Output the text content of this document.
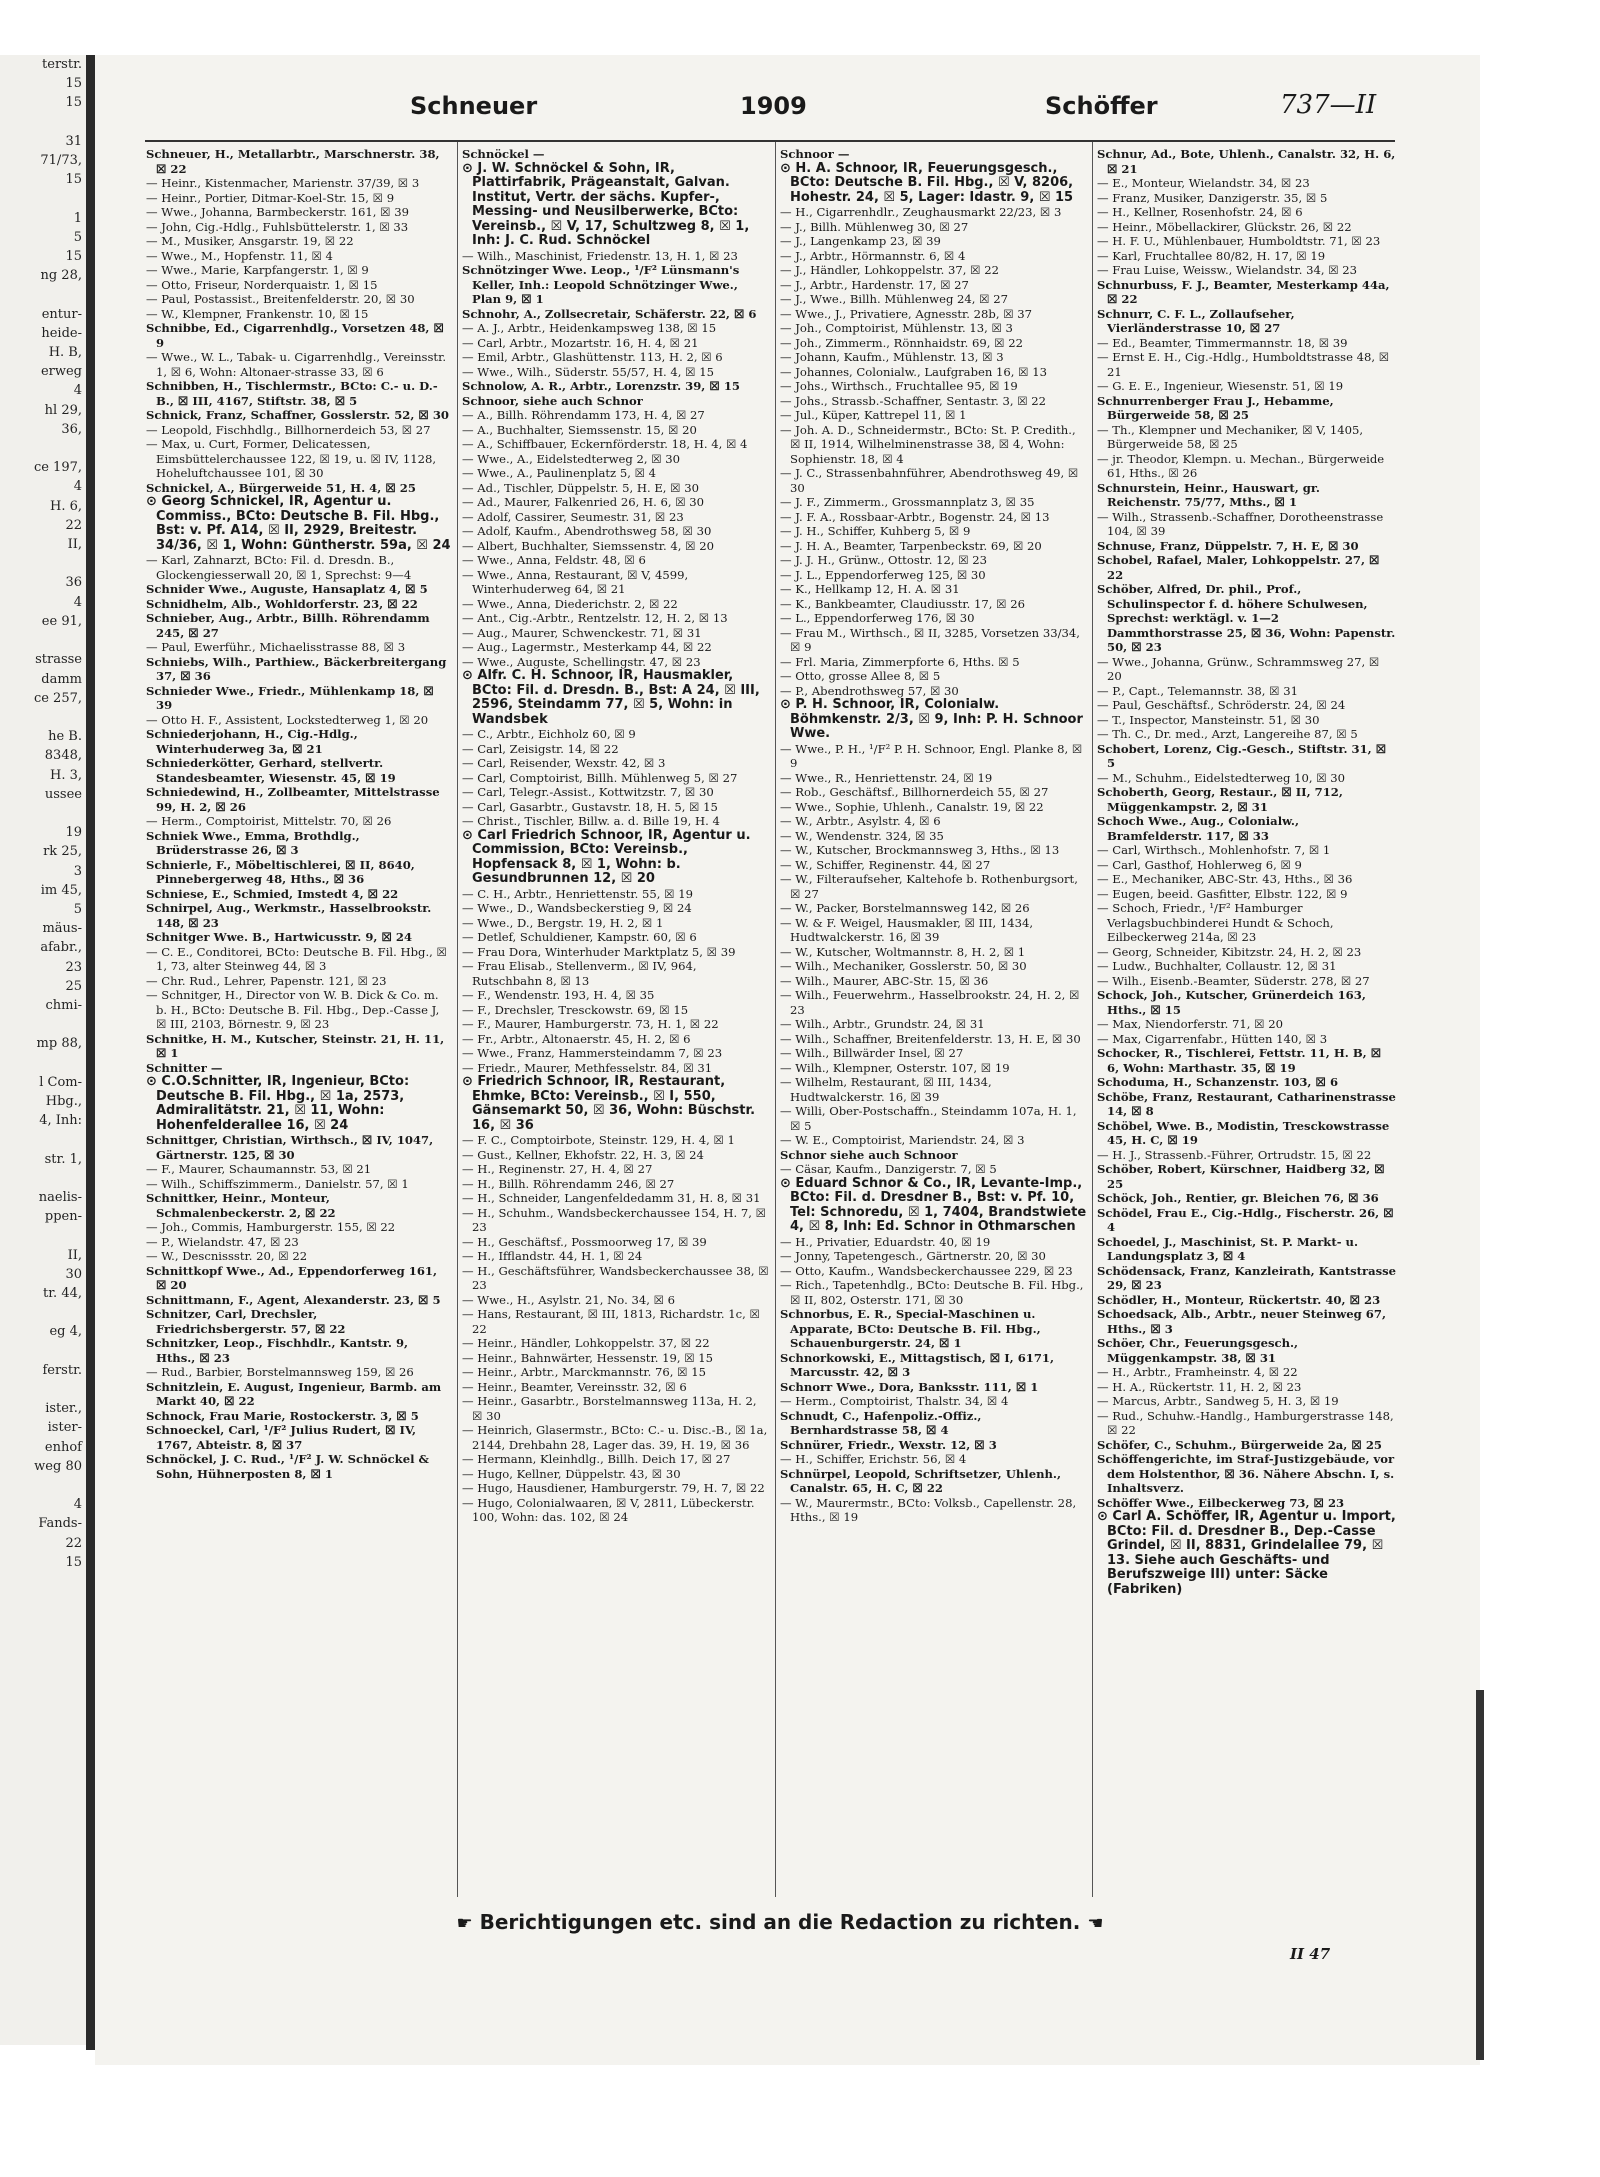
terstr.
15
15

31
71/73,
15

1
5
15
ng 28,

entur-
heide-
H. B,
erweg
4
hl 29,
36,

ce 197,
4
H. 6,
22
II,

36
4
ee 91,

strasse
damm
ce 257,

he B.
8348,
H. 3,
ussee

19
rk 25,
3
im 45,
5
mäus-
afabr.,
23
25
chmi-

mp 88,

l Com-
Hbg.,
4, Inh:

str. 1,

naelis-
ppen-

II,
30
tr. 44,

eg 4,

ferstr.

ister.,
ister-
enhof
weg 80

4
Fands-
22
15
Schneuer	1909	Schöffer	737—II

Schneuer, H., Metallarbtr., Marschnerstr. 38, ☒ 22

— Heinr., Kistenmacher, Marienstr. 37/39, ☒ 3

— Heinr., Portier, Ditmar-Koel-Str. 15, ☒ 9

— Wwe., Johanna, Barmbeckerstr. 161, ☒ 39

— John, Cig.-Hdlg., Fuhlsbüttelerstr. 1, ☒ 33

— M., Musiker, Ansgarstr. 19, ☒ 22

— Wwe., M., Hopfenstr. 11, ☒ 4

— Wwe., Marie, Karpfangerstr. 1, ☒ 9

— Otto, Friseur, Norderquaistr. 1, ☒ 15

— Paul, Postassist., Breitenfelderstr. 20, ☒ 30

— W., Klempner, Frankenstr. 10, ☒ 15

Schnibbe, Ed., Cigarrenhdlg., Vorsetzen 48, ☒ 9

— Wwe., W. L., Tabak- u. Cigarrenhdlg., Vereinsstr. 1, ☒ 6, Wohn: Altonaer-strasse 33, ☒ 6

Schnibben, H., Tischlermstr., BCto: C.- u. D.-B., ☒ III, 4167, Stiftstr. 38, ☒ 5

Schnick, Franz, Schaffner, Gosslerstr. 52, ☒ 30

— Leopold, Fischhdlg., Billhornerdeich 53, ☒ 27

— Max, u. Curt, Former, Delicatessen, Eimsbüttelerchaussee 122, ☒ 19, u. ☒ IV, 1128, Hoheluftchaussee 101, ☒ 30

Schnickel, A., Bürgerweide 51, H. 4, ☒ 25

⊙ Georg Schnickel, IR, Agentur u. Commiss., BCto: Deutsche B. Fil. Hbg., Bst: v. Pf. A14, ☒ II, 2929, Breitestr. 34/36, ☒ 1, Wohn: Güntherstr. 59a, ☒ 24

— Karl, Zahnarzt, BCto: Fil. d. Dresdn. B., Glockengiesserwall 20, ☒ 1, Sprechst: 9—4

Schnider Wwe., Auguste, Hansaplatz 4, ☒ 5

Schnidhelm, Alb., Wohldorferstr. 23, ☒ 22

Schnieber, Aug., Arbtr., Billh. Röhrendamm 245, ☒ 27

— Paul, Ewerführ., Michaelisstrasse 88, ☒ 3

Schniebs, Wilh., Parthiew., Bäckerbreitergang 37, ☒ 36

Schnieder Wwe., Friedr., Mühlenkamp 18, ☒ 39

— Otto H. F., Assistent, Lockstedterweg 1, ☒ 20

Schniederjohann, H., Cig.-Hdlg., Winterhuderweg 3a, ☒ 21

Schniederkötter, Gerhard, stellvertr. Standesbeamter, Wiesenstr. 45, ☒ 19

Schniedewind, H., Zollbeamter, Mittelstrasse 99, H. 2, ☒ 26

— Herm., Comptoirist, Mittelstr. 70, ☒ 26

Schniek Wwe., Emma, Brothdlg., Brüderstrasse 26, ☒ 3

Schnierle, F., Möbeltischlerei, ☒ II, 8640, Pinnebergerweg 48, Hths., ☒ 36

Schniese, E., Schmied, Imstedt 4, ☒ 22

Schnirpel, Aug., Werkmstr., Hasselbrookstr. 148, ☒ 23

Schnitger Wwe. B., Hartwicusstr. 9, ☒ 24

— C. E., Conditorei, BCto: Deutsche B. Fil. Hbg., ☒ 1, 73, alter Steinweg 44, ☒ 3

— Chr. Rud., Lehrer, Papenstr. 121, ☒ 23

— Schnitger, H., Director von W. B. Dick & Co. m. b. H., BCto: Deutsche B. Fil. Hbg., Dep.-Casse J, ☒ III, 2103, Börnestr. 9, ☒ 23

Schnitke, H. M., Kutscher, Steinstr. 21, H. 11, ☒ 1

Schnitter —

⊙ C.O.Schnitter, IR, Ingenieur, BCto: Deutsche B. Fil. Hbg., ☒ 1a, 2573, Admiralitätstr. 21, ☒ 11, Wohn: Hohenfelderallee 16, ☒ 24

Schnittger, Christian, Wirthsch., ☒ IV, 1047, Gärtnerstr. 125, ☒ 30

— F., Maurer, Schaumannstr. 53, ☒ 21

— Wilh., Schiffszimmerm., Danielstr. 57, ☒ 1

Schnittker, Heinr., Monteur, Schmalenbeckerstr. 2, ☒ 22

— Joh., Commis, Hamburgerstr. 155, ☒ 22

— P., Wielandstr. 47, ☒ 23

— W., Descnissstr. 20, ☒ 22

Schnittkopf Wwe., Ad., Eppendorferweg 161, ☒ 20

Schnittmann, F., Agent, Alexanderstr. 23, ☒ 5

Schnitzer, Carl, Drechsler, Friedrichsbergerstr. 57, ☒ 22

Schnitzker, Leop., Fischhdlr., Kantstr. 9, Hths., ☒ 23

— Rud., Barbier, Borstelmannsweg 159, ☒ 26

Schnitzlein, E. August, Ingenieur, Barmb. am Markt 40, ☒ 22

Schnock, Frau Marie, Rostockerstr. 3, ☒ 5

Schnoeckel, Carl, ¹/F² Julius Rudert, ☒ IV, 1767, Abteistr. 8, ☒ 37

Schnöckel, J. C. Rud., ¹/F² J. W. Schnöckel & Sohn, Hühnerposten 8, ☒ 1

Schnöckel —

⊙ J. W. Schnöckel & Sohn, IR, Plattirfabrik, Prägeanstalt, Galvan. Institut, Vertr. der sächs. Kupfer-, Messing- und Neusilberwerke, BCto: Vereinsb., ☒ V, 17, Schultzweg 8, ☒ 1, Inh: J. C. Rud. Schnöckel

— Wilh., Maschinist, Friedenstr. 13, H. 1, ☒ 23

Schnötzinger Wwe. Leop., ¹/F² Lünsmann's Keller, Inh.: Leopold Schnötzinger Wwe., Plan 9, ☒ 1

Schnohr, A., Zollsecretair, Schäferstr. 22, ☒ 6

— A. J., Arbtr., Heidenkampsweg 138, ☒ 15

— Carl, Arbtr., Mozartstr. 16, H. 4, ☒ 21

— Emil, Arbtr., Glashüttenstr. 113, H. 2, ☒ 6

— Wwe., Wilh., Süderstr. 55/57, H. 4, ☒ 15

Schnolow, A. R., Arbtr., Lorenzstr. 39, ☒ 15

Schnoor, siehe auch Schnor

— A., Billh. Röhrendamm 173, H. 4, ☒ 27

— A., Buchhalter, Siemssenstr. 15, ☒ 20

— A., Schiffbauer, Eckernförderstr. 18, H. 4, ☒ 4

— Wwe., A., Eidelstedterweg 2, ☒ 30

— Wwe., A., Paulinenplatz 5, ☒ 4

— Ad., Tischler, Düppelstr. 5, H. E, ☒ 30

— Ad., Maurer, Falkenried 26, H. 6, ☒ 30

— Adolf, Cassirer, Seumestr. 31, ☒ 23

— Adolf, Kaufm., Abendrothsweg 58, ☒ 30

— Albert, Buchhalter, Siemssenstr. 4, ☒ 20

— Wwe., Anna, Feldstr. 48, ☒ 6

— Wwe., Anna, Restaurant, ☒ V, 4599, Winterhuderweg 64, ☒ 21

— Wwe., Anna, Diederichstr. 2, ☒ 22

— Ant., Cig.-Arbtr., Rentzelstr. 12, H. 2, ☒ 13

— Aug., Maurer, Schwenckestr. 71, ☒ 31

— Aug., Lagermstr., Mesterkamp 44, ☒ 22

— Wwe., Auguste, Schellingstr. 47, ☒ 23

⊙ Alfr. C. H. Schnoor, IR, Hausmakler, BCto: Fil. d. Dresdn. B., Bst: A 24, ☒ III, 2596, Steindamm 77, ☒ 5, Wohn: in Wandsbek

— C., Arbtr., Eichholz 60, ☒ 9

— Carl, Zeisigstr. 14, ☒ 22

— Carl, Reisender, Wexstr. 42, ☒ 3

— Carl, Comptoirist, Billh. Mühlenweg 5, ☒ 27

— Carl, Telegr.-Assist., Kottwitzstr. 7, ☒ 30

— Carl, Gasarbtr., Gustavstr. 18, H. 5, ☒ 15

— Christ., Tischler, Billw. a. d. Bille 19, H. 4

⊙ Carl Friedrich Schnoor, IR, Agentur u. Commission, BCto: Vereinsb., Hopfensack 8, ☒ 1, Wohn: b. Gesundbrunnen 12, ☒ 20

— C. H., Arbtr., Henriettenstr. 55, ☒ 19

— Wwe., D., Wandsbeckerstieg 9, ☒ 24

— Wwe., D., Bergstr. 19, H. 2, ☒ 1

— Detlef, Schuldiener, Kampstr. 60, ☒ 6

— Frau Dora, Winterhuder Marktplatz 5, ☒ 39

— Frau Elisab., Stellenverm., ☒ IV, 964, Rutschbahn 8, ☒ 13

— F., Wendenstr. 193, H. 4, ☒ 35

— F., Drechsler, Tresckowstr. 69, ☒ 15

— F., Maurer, Hamburgerstr. 73, H. 1, ☒ 22

— Fr., Arbtr., Altonaerstr. 45, H. 2, ☒ 6

— Wwe., Franz, Hammersteindamm 7, ☒ 23

— Friedr., Maurer, Methfesselstr. 84, ☒ 31

⊙ Friedrich Schnoor, IR, Restaurant, Ehmke, BCto: Vereinsb., ☒ I, 550, Gänsemarkt 50, ☒ 36, Wohn: Büschstr. 16, ☒ 36

— F. C., Comptoirbote, Steinstr. 129, H. 4, ☒ 1

— Gust., Kellner, Ekhofstr. 22, H. 3, ☒ 24

— H., Reginenstr. 27, H. 4, ☒ 27

— H., Billh. Röhrendamm 246, ☒ 27

— H., Schneider, Langenfeldedamm 31, H. 8, ☒ 31

— H., Schuhm., Wandsbeckerchaussee 154, H. 7, ☒ 23

— H., Geschäftsf., Possmoorweg 17, ☒ 39

— H., Ifflandstr. 44, H. 1, ☒ 24

— H., Geschäftsführer, Wandsbeckerchaussee 38, ☒ 23

— Wwe., H., Asylstr. 21, No. 34, ☒ 6

— Hans, Restaurant, ☒ III, 1813, Richardstr. 1c, ☒ 22

— Heinr., Händler, Lohkoppelstr. 37, ☒ 22

— Heinr., Bahnwärter, Hessenstr. 19, ☒ 15

— Heinr., Arbtr., Marckmannstr. 76, ☒ 15

— Heinr., Beamter, Vereinsstr. 32, ☒ 6

— Heinr., Gasarbtr., Borstelmannsweg 113a, H. 2, ☒ 30

— Heinrich, Glasermstr., BCto: C.- u. Disc.-B., ☒ 1a, 2144, Drehbahn 28, Lager das. 39, H. 19, ☒ 36

— Hermann, Kleinhdlg., Billh. Deich 17, ☒ 27

— Hugo, Kellner, Düppelstr. 43, ☒ 30

— Hugo, Hausdiener, Hamburgerstr. 79, H. 7, ☒ 22

— Hugo, Colonialwaaren, ☒ V, 2811, Lübeckerstr. 100, Wohn: das. 102, ☒ 24

Schnoor —

⊙ H. A. Schnoor, IR, Feuerungsgesch., BCto: Deutsche B. Fil. Hbg., ☒ V, 8206, Hohestr. 24, ☒ 5, Lager: Idastr. 9, ☒ 15

— H., Cigarrenhdlr., Zeughausmarkt 22/23, ☒ 3

— J., Billh. Mühlenweg 30, ☒ 27

— J., Langenkamp 23, ☒ 39

— J., Arbtr., Hörmannstr. 6, ☒ 4

— J., Händler, Lohkoppelstr. 37, ☒ 22

— J., Arbtr., Hardenstr. 17, ☒ 27

— J., Wwe., Billh. Mühlenweg 24, ☒ 27

— Wwe., J., Privatiere, Agnesstr. 28b, ☒ 37

— Joh., Comptoirist, Mühlenstr. 13, ☒ 3

— Joh., Zimmerm., Rönnhaidstr. 69, ☒ 22

— Johann, Kaufm., Mühlenstr. 13, ☒ 3

— Johannes, Colonialw., Laufgraben 16, ☒ 13

— Johs., Wirthsch., Fruchtallee 95, ☒ 19

— Johs., Strassb.-Schaffner, Sentastr. 3, ☒ 22

— Jul., Küper, Kattrepel 11, ☒ 1

— Joh. A. D., Schneidermstr., BCto: St. P. Credith., ☒ II, 1914, Wilhelminenstrasse 38, ☒ 4, Wohn: Sophienstr. 18, ☒ 4

— J. C., Strassenbahnführer, Abendrothsweg 49, ☒ 30

— J. F., Zimmerm., Grossmannplatz 3, ☒ 35

— J. F. A., Rossbaar-Arbtr., Bogenstr. 24, ☒ 13

— J. H., Schiffer, Kuhberg 5, ☒ 9

— J. H. A., Beamter, Tarpenbeckstr. 69, ☒ 20

— J. J. H., Grünw., Ottostr. 12, ☒ 23

— J. L., Eppendorferweg 125, ☒ 30

— K., Hellkamp 12, H. A. ☒ 31

— K., Bankbeamter, Claudiusstr. 17, ☒ 26

— L., Eppendorferweg 176, ☒ 30

— Frau M., Wirthsch., ☒ II, 3285, Vorsetzen 33/34, ☒ 9

— Frl. Maria, Zimmerpforte 6, Hths. ☒ 5

— Otto, grosse Allee 8, ☒ 5

— P., Abendrothsweg 57, ☒ 30

⊙ P. H. Schnoor, IR, Colonialw. Böhmkenstr. 2/3, ☒ 9, Inh: P. H. Schnoor Wwe.

— Wwe., P. H., ¹/F² P. H. Schnoor, Engl. Planke 8, ☒ 9

— Wwe., R., Henriettenstr. 24, ☒ 19

— Rob., Geschäftsf., Billhornerdeich 55, ☒ 27

— Wwe., Sophie, Uhlenh., Canalstr. 19, ☒ 22

— W., Arbtr., Asylstr. 4, ☒ 6

— W., Wendenstr. 324, ☒ 35

— W., Kutscher, Brockmannsweg 3, Hths., ☒ 13

— W., Schiffer, Reginenstr. 44, ☒ 27

— W., Filteraufseher, Kaltehofe b. Rothenburgsort, ☒ 27

— W., Packer, Borstelmannsweg 142, ☒ 26

— W. & F. Weigel, Hausmakler, ☒ III, 1434, Hudtwalckerstr. 16, ☒ 39

— W., Kutscher, Woltmannstr. 8, H. 2, ☒ 1

— Wilh., Mechaniker, Gosslerstr. 50, ☒ 30

— Wilh., Maurer, ABC-Str. 15, ☒ 36

— Wilh., Feuerwehrm., Hasselbrookstr. 24, H. 2, ☒ 23

— Wilh., Arbtr., Grundstr. 24, ☒ 31

— Wilh., Schaffner, Breitenfelderstr. 13, H. E, ☒ 30

— Wilh., Billwärder Insel, ☒ 27

— Wilh., Klempner, Osterstr. 107, ☒ 19

— Wilhelm, Restaurant, ☒ III, 1434, Hudtwalckerstr. 16, ☒ 39

— Willi, Ober-Postschaffn., Steindamm 107a, H. 1, ☒ 5

— W. E., Comptoirist, Mariendstr. 24, ☒ 3

Schnor siehe auch Schnoor

— Cäsar, Kaufm., Danzigerstr. 7, ☒ 5

⊙ Eduard Schnor & Co., IR, Levante-Imp., BCto: Fil. d. Dresdner B., Bst: v. Pf. 10, Tel: Schnoredu, ☒ 1, 7404, Brandstwiete 4, ☒ 8, Inh: Ed. Schnor in Othmarschen

— H., Privatier, Eduardstr. 40, ☒ 19

— Jonny, Tapetengesch., Gärtnerstr. 20, ☒ 30

— Otto, Kaufm., Wandsbeckerchaussee 229, ☒ 23

— Rich., Tapetenhdlg., BCto: Deutsche B. Fil. Hbg., ☒ II, 802, Osterstr. 171, ☒ 30

Schnorbus, E. R., Special-Maschinen u. Apparate, BCto: Deutsche B. Fil. Hbg., Schauenburgerstr. 24, ☒ 1

Schnorkowski, E., Mittagstisch, ☒ I, 6171, Marcusstr. 42, ☒ 3

Schnorr Wwe., Dora, Banksstr. 111, ☒ 1

— Herm., Comptoirist, Thalstr. 34, ☒ 4

Schnudt, C., Hafenpoliz.-Offiz., Bernhardstrasse 58, ☒ 4

Schnürer, Friedr., Wexstr. 12, ☒ 3

— H., Schiffer, Erichstr. 56, ☒ 4

Schnürpel, Leopold, Schriftsetzer, Uhlenh., Canalstr. 65, H. C, ☒ 22

— W., Maurermstr., BCto: Volksb., Capellenstr. 28, Hths., ☒ 19

Schnur, Ad., Bote, Uhlenh., Canalstr. 32, H. 6, ☒ 21

— E., Monteur, Wielandstr. 34, ☒ 23

— Franz, Musiker, Danzigerstr. 35, ☒ 5

— H., Kellner, Rosenhofstr. 24, ☒ 6

— Heinr., Möbellackirer, Glückstr. 26, ☒ 22

— H. F. U., Mühlenbauer, Humboldtstr. 71, ☒ 23

— Karl, Fruchtallee 80/82, H. 17, ☒ 19

— Frau Luise, Weissw., Wielandstr. 34, ☒ 23

Schnurbuss, F. J., Beamter, Mesterkamp 44a, ☒ 22

Schnurr, C. F. L., Zollaufseher, Vierländerstrasse 10, ☒ 27

— Ed., Beamter, Timmermannstr. 18, ☒ 39

— Ernst E. H., Cig.-Hdlg., Humboldtstrasse 48, ☒ 21

— G. E. E., Ingenieur, Wiesenstr. 51, ☒ 19

Schnurrenberger Frau J., Hebamme, Bürgerweide 58, ☒ 25

— Th., Klempner und Mechaniker, ☒ V, 1405, Bürgerweide 58, ☒ 25

— jr. Theodor, Klempn. u. Mechan., Bürgerweide 61, Hths., ☒ 26

Schnurstein, Heinr., Hauswart, gr. Reichenstr. 75/77, Mths., ☒ 1

— Wilh., Strassenb.-Schaffner, Dorotheenstrasse 104, ☒ 39

Schnuse, Franz, Düppelstr. 7, H. E, ☒ 30

Schobel, Rafael, Maler, Lohkoppelstr. 27, ☒ 22

Schöber, Alfred, Dr. phil., Prof., Schulinspector f. d. höhere Schulwesen, Sprechst: werktägl. v. 1—2 Dammthorstrasse 25, ☒ 36, Wohn: Papenstr. 50, ☒ 23

— Wwe., Johanna, Grünw., Schrammsweg 27, ☒ 20

— P., Capt., Telemannstr. 38, ☒ 31

— Paul, Geschäftsf., Schröderstr. 24, ☒ 24

— T., Inspector, Mansteinstr. 51, ☒ 30

— Th. C., Dr. med., Arzt, Langereihe 87, ☒ 5

Schobert, Lorenz, Cig.-Gesch., Stiftstr. 31, ☒ 5

— M., Schuhm., Eidelstedterweg 10, ☒ 30

Schoberth, Georg, Restaur., ☒ II, 712, Müggenkampstr. 2, ☒ 31

Schoch Wwe., Aug., Colonialw., Bramfelderstr. 117, ☒ 33

— Carl, Wirthsch., Mohlenhofstr. 7, ☒ 1

— Carl, Gasthof, Hohlerweg 6, ☒ 9

— E., Mechaniker, ABC-Str. 43, Hths., ☒ 36

— Eugen, beeid. Gasfitter, Elbstr. 122, ☒ 9

— Schoch, Friedr., ¹/F² Hamburger Verlagsbuchbinderei Hundt & Schoch, Eilbeckerweg 214a, ☒ 23

— Georg, Schneider, Kibitzstr. 24, H. 2, ☒ 23

— Ludw., Buchhalter, Collaustr. 12, ☒ 31

— Wilh., Eisenb.-Beamter, Süderstr. 278, ☒ 27

Schock, Joh., Kutscher, Grünerdeich 163, Hths., ☒ 15

— Max, Niendorferstr. 71, ☒ 20

— Max, Cigarrenfabr., Hütten 140, ☒ 3

Schocker, R., Tischlerei, Fettstr. 11, H. B, ☒ 6, Wohn: Marthastr. 35, ☒ 19

Schoduma, H., Schanzenstr. 103, ☒ 6

Schöbe, Franz, Restaurant, Catharinenstrasse 14, ☒ 8

Schöbel, Wwe. B., Modistin, Tresckowstrasse 45, H. C, ☒ 19

— H. J., Strassenb.-Führer, Ortrudstr. 15, ☒ 22

Schöber, Robert, Kürschner, Haidberg 32, ☒ 25

Schöck, Joh., Rentier, gr. Bleichen 76, ☒ 36

Schödel, Frau E., Cig.-Hdlg., Fischerstr. 26, ☒ 4

Schoedel, J., Maschinist, St. P. Markt- u. Landungsplatz 3, ☒ 4

Schödensack, Franz, Kanzleirath, Kantstrasse 29, ☒ 23

Schödler, H., Monteur, Rückertstr. 40, ☒ 23

Schoedsack, Alb., Arbtr., neuer Steinweg 67, Hths., ☒ 3

Schöer, Chr., Feuerungsgesch., Müggenkampstr. 38, ☒ 31

— H., Arbtr., Framheinstr. 4, ☒ 22

— H. A., Rückertstr. 11, H. 2, ☒ 23

— Marcus, Arbtr., Sandweg 5, H. 3, ☒ 19

— Rud., Schuhw.-Handlg., Hamburgerstrasse 148, ☒ 22

Schöfer, C., Schuhm., Bürgerweide 2a, ☒ 25

Schöffengerichte, im Straf-Justizgebäude, vor dem Holstenthor, ☒ 36. Nähere Abschn. I, s. Inhaltsverz.

Schöffer Wwe., Eilbeckerweg 73, ☒ 23

⊙ Carl A. Schöffer, IR, Agentur u. Import, BCto: Fil. d. Dresdner B., Dep.-Casse Grindel, ☒ II, 8831, Grindelallee 79, ☒ 13. Siehe auch Geschäfts- und Berufszweige III) unter: Säcke (Fabriken)

☛ Berichtigungen etc. sind an die Redaction zu richten. ☚
II 47
